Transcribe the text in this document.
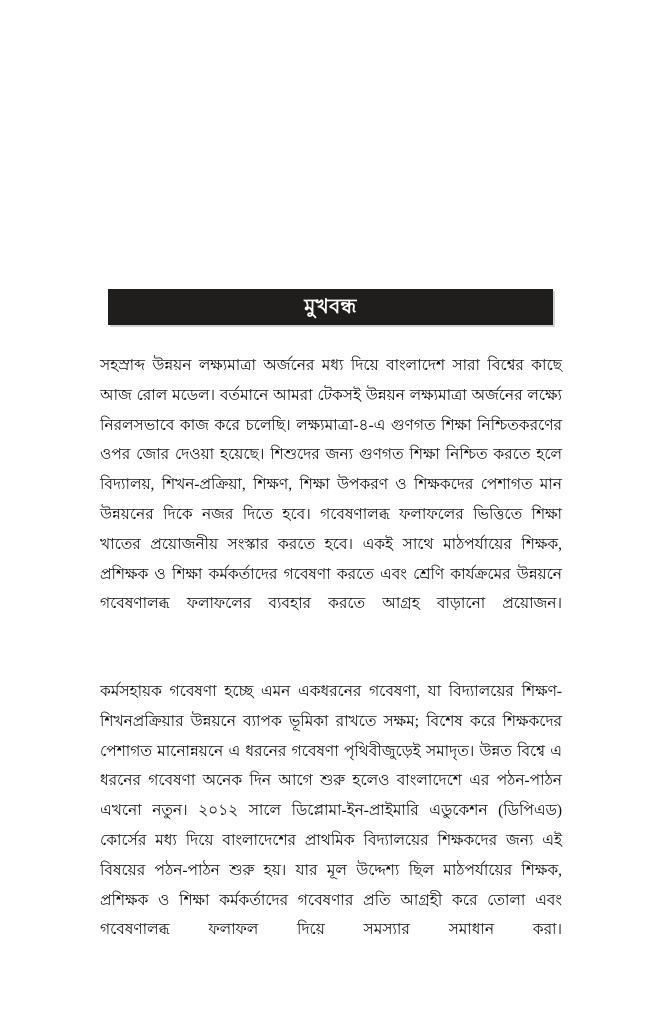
মুখবন্ধ

সহস্রাব্দ উন্নয়ন লক্ষ্যমাত্রা অর্জনের মধ্য দিয়ে বাংলাদেশ সারা বিশ্বের কাছে আজ রোল মডেল। বর্তমানে আমরা টেকসই উন্নয়ন লক্ষ্যমাত্রা অর্জনের লক্ষ্যে নিরলসভাবে কাজ করে চলেছি। লক্ষ্যমাত্রা-৪-এ গুণগত শিক্ষা নিশ্চিতকরণের ওপর জোর দেওয়া হয়েছে। শিশুদের জন্য গুণগত শিক্ষা নিশ্চিত করতে হলে বিদ্যালয়, শিখন-প্রক্রিয়া, শিক্ষণ, শিক্ষা উপকরণ ও শিক্ষকদের পেশাগত মান উন্নয়নের দিকে নজর দিতে হবে। গবেষণালব্ধ ফলাফলের ভিত্তিতে শিক্ষা খাতের প্রয়োজনীয় সংস্কার করতে হবে। একই সাথে মাঠপর্যায়ের শিক্ষক, প্রশিক্ষক ও শিক্ষা কর্মকর্তাদের গবেষণা করতে এবং শ্রেণি কার্যক্রমের উন্নয়নে গবেষণালব্ধ ফলাফলের ব্যবহার করতে আগ্রহ বাড়ানো প্রয়োজন।

কর্মসহায়ক গবেষণা হচ্ছে এমন একধরনের গবেষণা, যা বিদ্যালয়ের শিক্ষণ-শিখনপ্রক্রিয়ার উন্নয়নে ব্যাপক ভূমিকা রাখতে সক্ষম; বিশেষ করে শিক্ষকদের পেশাগত মানোন্নয়নে এ ধরনের গবেষণা পৃথিবীজুড়েই সমাদৃত। উন্নত বিশ্বে এ ধরনের গবেষণা অনেক দিন আগে শুরু হলেও বাংলাদেশে এর পঠন-পাঠন এখনো নতুন। ২০১২ সালে ডিপ্লোমা-ইন-প্রাইমারি এডুকেশন (ডিপিএড) কোর্সের মধ্য দিয়ে বাংলাদেশের প্রাথমিক বিদ্যালয়ের শিক্ষকদের জন্য এই বিষয়ের পঠন-পাঠন শুরু হয়। যার মূল উদ্দেশ্য ছিল মাঠপর্যায়ের শিক্ষক, প্রশিক্ষক ও শিক্ষা কর্মকর্তাদের গবেষণার প্রতি আগ্রহী করে তোলা এবং গবেষণালব্ধ ফলাফল দিয়ে সমস্যার সমাধান করা।
